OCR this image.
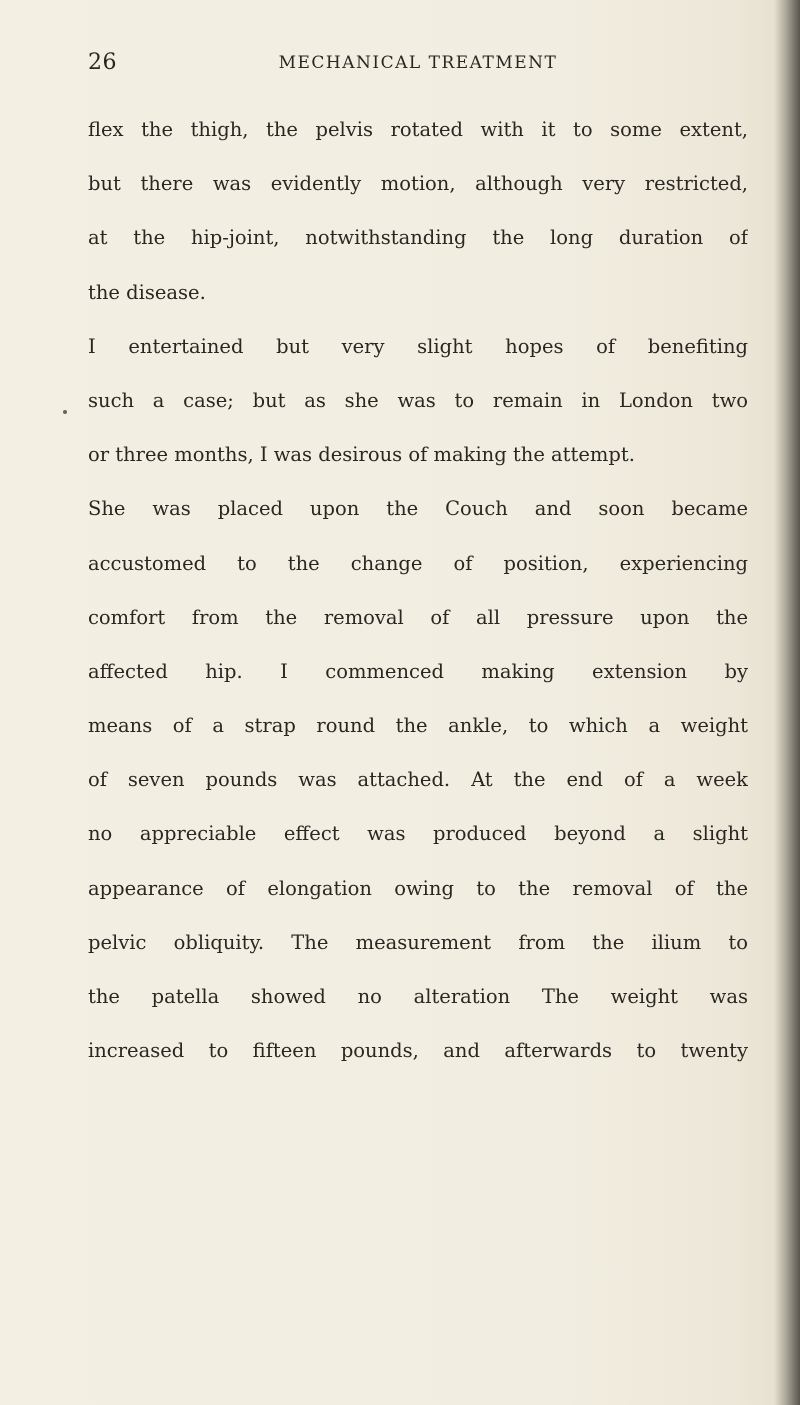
26	MECHANICAL TREATMENT
flex the thigh, the pelvis rotated with it to some extent,
but there was evidently motion, although very restricted,
at the hip-joint, notwithstanding the long duration of
the disease.
I entertained but very slight hopes of benefiting
such a case; but as she was to remain in London two
or three months, I was desirous of making the attempt.
She was placed upon the Couch and soon became
accustomed to the change of position, experiencing
comfort from the removal of all pressure upon the
affected hip. I commenced making extension by
means of a strap round the ankle, to which a weight
of seven pounds was attached. At the end of a week
no appreciable effect was produced beyond a slight
appearance of elongation owing to the removal of the
pelvic obliquity. The measurement from the ilium to
the patella showed no alteration The weight was
increased to fifteen pounds, and afterwards to twenty
